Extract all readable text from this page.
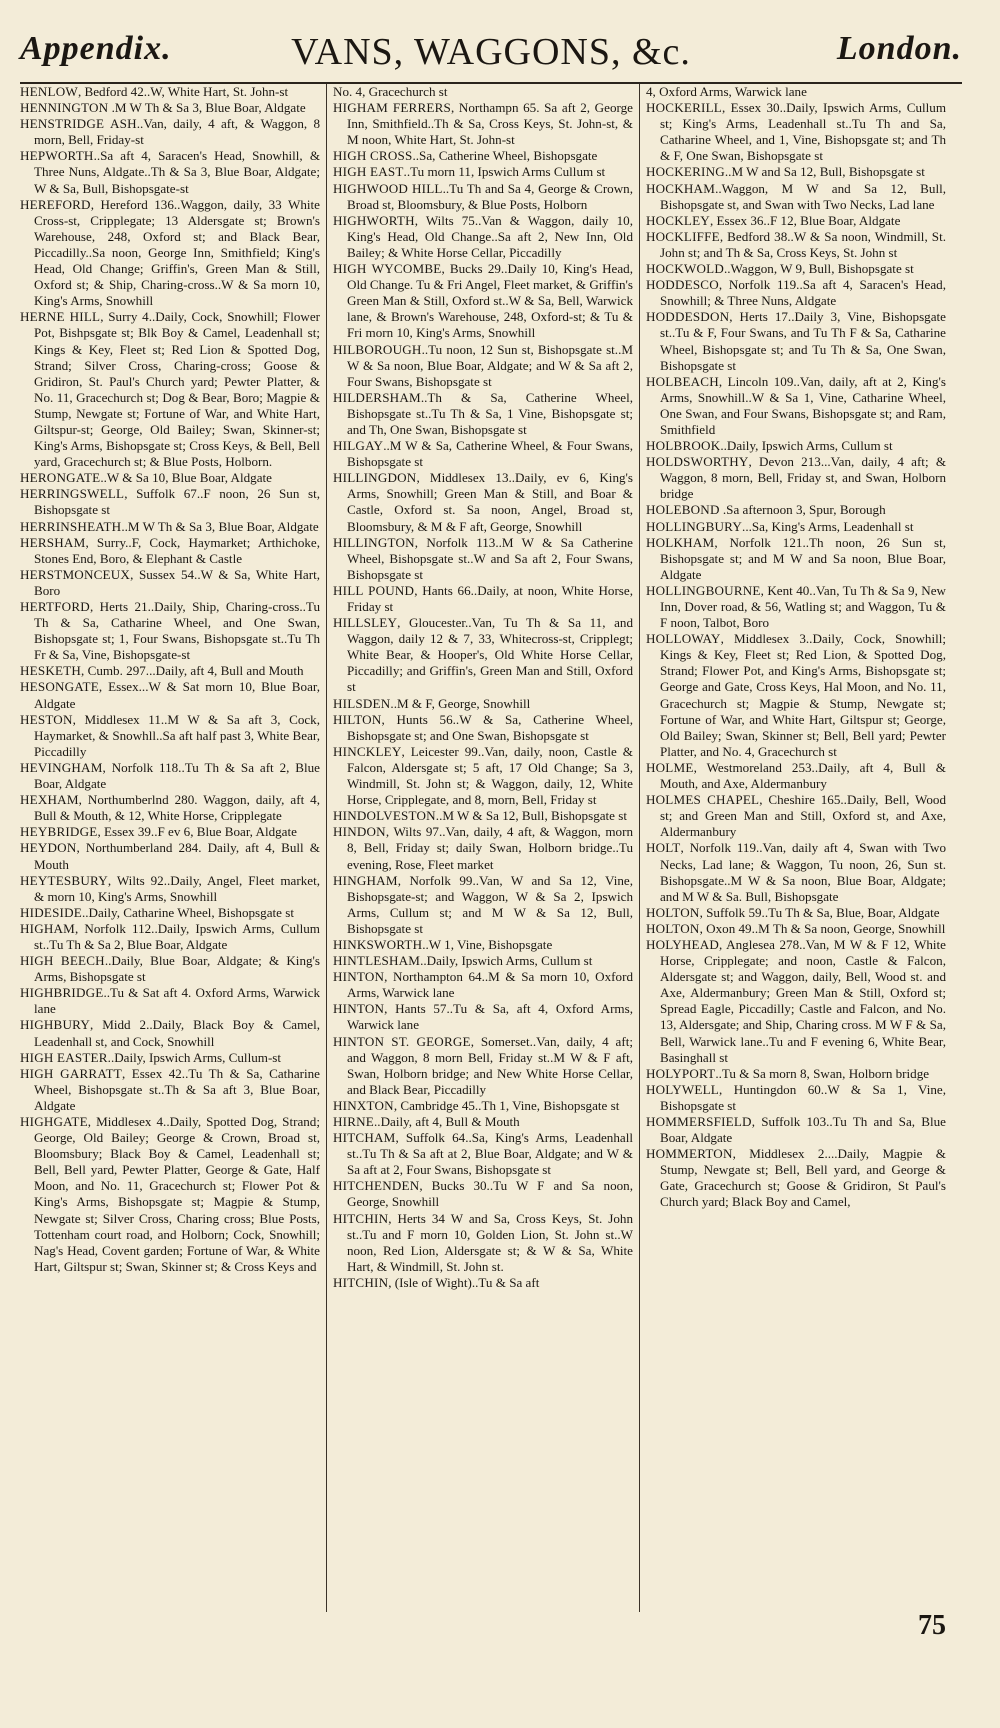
Appendix.	VANS, WAGGONS, &c.	London.

HENLOW, Bedford 42..W, White Hart, St. John-st

HENNINGTON .M W Th & Sa 3, Blue Boar, Aldgate

HENSTRIDGE ASH..Van, daily, 4 aft, & Waggon, 8 morn, Bell, Friday-st

HEPWORTH..Sa aft 4, Saracen's Head, Snowhill, & Three Nuns, Aldgate..Th & Sa 3, Blue Boar, Aldgate; W & Sa, Bull, Bishopsgate-st

HEREFORD, Hereford 136..Waggon, daily, 33 White Cross-st, Cripplegate; 13 Aldersgate st; Brown's Warehouse, 248, Oxford st; and Black Bear, Piccadilly..Sa noon, George Inn, Smithfield; King's Head, Old Change; Griffin's, Green Man & Still, Oxford st; & Ship, Charing-cross..W & Sa morn 10, King's Arms, Snowhill

HERNE HILL, Surry 4..Daily, Cock, Snowhill; Flower Pot, Bishpsgate st; Blk Boy & Camel, Leadenhall st; Kings & Key, Fleet st; Red Lion & Spotted Dog, Strand; Silver Cross, Charing-cross; Goose & Gridiron, St. Paul's Church yard; Pewter Platter, & No. 11, Gracechurch st; Dog & Bear, Boro; Magpie & Stump, Newgate st; Fortune of War, and White Hart, Giltspur-st; George, Old Bailey; Swan, Skinner-st; King's Arms, Bishopsgate st; Cross Keys, & Bell, Bell yard, Gracechurch st; & Blue Posts, Holborn.

HERONGATE..W & Sa 10, Blue Boar, Aldgate

HERRINGSWELL, Suffolk 67..F noon, 26 Sun st, Bishopsgate st

HERRINSHEATH..M W Th & Sa 3, Blue Boar, Aldgate

HERSHAM, Surry..F, Cock, Haymarket; Arthichoke, Stones End, Boro, & Elephant & Castle

HERSTMONCEUX, Sussex 54..W & Sa, White Hart, Boro

HERTFORD, Herts 21..Daily, Ship, Charing-cross..Tu Th & Sa, Catharine Wheel, and One Swan, Bishopsgate st; 1, Four Swans, Bishopsgate st..Tu Th Fr & Sa, Vine, Bishopsgate-st

HESKETH, Cumb. 297...Daily, aft 4, Bull and Mouth

HESONGATE, Essex...W & Sat morn 10, Blue Boar, Aldgate

HESTON, Middlesex 11..M W & Sa aft 3, Cock, Haymarket, & Snowhll..Sa aft half past 3, White Bear, Piccadilly

HEVINGHAM, Norfolk 118..Tu Th & Sa aft 2, Blue Boar, Aldgate

HEXHAM, Northumberlnd 280. Waggon, daily, aft 4, Bull & Mouth, & 12, White Horse, Cripplegate

HEYBRIDGE, Essex 39..F ev 6, Blue Boar, Aldgate

HEYDON, Northumberland 284. Daily, aft 4, Bull & Mouth

HEYTESBURY, Wilts 92..Daily, Angel, Fleet market, & morn 10, King's Arms, Snowhill

HIDESIDE..Daily, Catharine Wheel, Bishopsgate st

HIGHAM, Norfolk 112..Daily, Ipswich Arms, Cullum st..Tu Th & Sa 2, Blue Boar, Aldgate

HIGH BEECH..Daily, Blue Boar, Aldgate; & King's Arms, Bishopsgate st

HIGHBRIDGE..Tu & Sat aft 4. Oxford Arms, Warwick lane

HIGHBURY, Midd 2..Daily, Black Boy & Camel, Leadenhall st, and Cock, Snowhill

HIGH EASTER..Daily, Ipswich Arms, Cullum-st

HIGH GARRATT, Essex 42..Tu Th & Sa, Catharine Wheel, Bishopsgate st..Th & Sa aft 3, Blue Boar, Aldgate

HIGHGATE, Middlesex 4..Daily, Spotted Dog, Strand; George, Old Bailey; George & Crown, Broad st, Bloomsbury; Black Boy & Camel, Leadenhall st; Bell, Bell yard, Pewter Platter, George & Gate, Half Moon, and No. 11, Gracechurch st; Flower Pot & King's Arms, Bishopsgate st; Magpie & Stump, Newgate st; Silver Cross, Charing cross; Blue Posts, Tottenham court road, and Holborn; Cock, Snowhill; Nag's Head, Covent garden; Fortune of War, & White Hart, Giltspur st; Swan, Skinner st; & Cross Keys and

No. 4, Gracechurch st

HIGHAM FERRERS, Northampn 65. Sa aft 2, George Inn, Smithfield..Th & Sa, Cross Keys, St. John-st, & M noon, White Hart, St. John-st

HIGH CROSS..Sa, Catherine Wheel, Bishopsgate

HIGH EAST..Tu morn 11, Ipswich Arms Cullum st

HIGHWOOD HILL..Tu Th and Sa 4, George & Crown, Broad st, Bloomsbury, & Blue Posts, Holborn

HIGHWORTH, Wilts 75..Van & Waggon, daily 10, King's Head, Old Change..Sa aft 2, New Inn, Old Bailey; & White Horse Cellar, Piccadilly

HIGH WYCOMBE, Bucks 29..Daily 10, King's Head, Old Change. Tu & Fri Angel, Fleet market, & Griffin's Green Man & Still, Oxford st..W & Sa, Bell, Warwick lane, & Brown's Warehouse, 248, Oxford-st; & Tu & Fri morn 10, King's Arms, Snowhill

HILBOROUGH..Tu noon, 12 Sun st, Bishopsgate st..M W & Sa noon, Blue Boar, Aldgate; and W & Sa aft 2, Four Swans, Bishopsgate st

HILDERSHAM..Th & Sa, Catherine Wheel, Bishopsgate st..Tu Th & Sa, 1 Vine, Bishopsgate st; and Th, One Swan, Bishopsgate st

HILGAY..M W & Sa, Catherine Wheel, & Four Swans, Bishopsgate st

HILLINGDON, Middlesex 13..Daily, ev 6, King's Arms, Snowhill; Green Man & Still, and Boar & Castle, Oxford st. Sa noon, Angel, Broad st, Bloomsbury, & M & F aft, George, Snowhill

HILLINGTON, Norfolk 113..M W & Sa Catherine Wheel, Bishopsgate st..W and Sa aft 2, Four Swans, Bishopsgate st

HILL POUND, Hants 66..Daily, at noon, White Horse, Friday st

HILLSLEY, Gloucester..Van, Tu Th & Sa 11, and Waggon, daily 12 & 7, 33, Whitecross-st, Cripplegt; White Bear, & Hooper's, Old White Horse Cellar, Piccadilly; and Griffin's, Green Man and Still, Oxford st

HILSDEN..M & F, George, Snowhill

HILTON, Hunts 56..W & Sa, Catherine Wheel, Bishopsgate st; and One Swan, Bishopsgate st

HINCKLEY, Leicester 99..Van, daily, noon, Castle & Falcon, Aldersgate st; 5 aft, 17 Old Change; Sa 3, Windmill, St. John st; & Waggon, daily, 12, White Horse, Cripplegate, and 8, morn, Bell, Friday st

HINDOLVESTON..M W & Sa 12, Bull, Bishopsgate st

HINDON, Wilts 97..Van, daily, 4 aft, & Waggon, morn 8, Bell, Friday st; daily Swan, Holborn bridge..Tu evening, Rose, Fleet market

HINGHAM, Norfolk 99..Van, W and Sa 12, Vine, Bishopsgate-st; and Waggon, W & Sa 2, Ipswich Arms, Cullum st; and M W & Sa 12, Bull, Bishopsgate st

HINKSWORTH..W 1, Vine, Bishopsgate

HINTLESHAM..Daily, Ipswich Arms, Cullum st

HINTON, Northampton 64..M & Sa morn 10, Oxford Arms, Warwick lane

HINTON, Hants 57..Tu & Sa, aft 4, Oxford Arms, Warwick lane

HINTON ST. GEORGE, Somerset..Van, daily, 4 aft; and Waggon, 8 morn Bell, Friday st..M W & F aft, Swan, Holborn bridge; and New White Horse Cellar, and Black Bear, Piccadilly

HINXTON, Cambridge 45..Th 1, Vine, Bishopsgate st

HIRNE..Daily, aft 4, Bull & Mouth

HITCHAM, Suffolk 64..Sa, King's Arms, Leadenhall st..Tu Th & Sa aft at 2, Blue Boar, Aldgate; and W & Sa aft at 2, Four Swans, Bishopsgate st

HITCHENDEN, Bucks 30..Tu W F and Sa noon, George, Snowhill

HITCHIN, Herts 34 W and Sa, Cross Keys, St. John st..Tu and F morn 10, Golden Lion, St. John st..W noon, Red Lion, Aldersgate st; & W & Sa, White Hart, & Windmill, St. John st.

HITCHIN, (Isle of Wight)..Tu & Sa aft

4, Oxford Arms, Warwick lane

HOCKERILL, Essex 30..Daily, Ipswich Arms, Cullum st; King's Arms, Leadenhall st..Tu Th and Sa, Catharine Wheel, and 1, Vine, Bishopsgate st; and Th & F, One Swan, Bishopsgate st

HOCKERING..M W and Sa 12, Bull, Bishopsgate st

HOCKHAM..Waggon, M W and Sa 12, Bull, Bishopsgate st, and Swan with Two Necks, Lad lane

HOCKLEY, Essex 36..F 12, Blue Boar, Aldgate

HOCKLIFFE, Bedford 38..W & Sa noon, Windmill, St. John st; and Th & Sa, Cross Keys, St. John st

HOCKWOLD..Waggon, W 9, Bull, Bishopsgate st

HODDESCO, Norfolk 119..Sa aft 4, Saracen's Head, Snowhill; & Three Nuns, Aldgate

HODDESDON, Herts 17..Daily 3, Vine, Bishopsgate st..Tu & F, Four Swans, and Tu Th F & Sa, Catharine Wheel, Bishopsgate st; and Tu Th & Sa, One Swan, Bishopsgate st

HOLBEACH, Lincoln 109..Van, daily, aft at 2, King's Arms, Snowhill..W & Sa 1, Vine, Catharine Wheel, One Swan, and Four Swans, Bishopsgate st; and Ram, Smithfield

HOLBROOK..Daily, Ipswich Arms, Cullum st

HOLDSWORTHY, Devon 213...Van, daily, 4 aft; & Waggon, 8 morn, Bell, Friday st, and Swan, Holborn bridge

HOLEBOND .Sa afternoon 3, Spur, Borough

HOLLINGBURY...Sa, King's Arms, Leadenhall st

HOLKHAM, Norfolk 121..Th noon, 26 Sun st, Bishopsgate st; and M W and Sa noon, Blue Boar, Aldgate

HOLLINGBOURNE, Kent 40..Van, Tu Th & Sa 9, New Inn, Dover road, & 56, Watling st; and Waggon, Tu & F noon, Talbot, Boro

HOLLOWAY, Middlesex 3..Daily, Cock, Snowhill; Kings & Key, Fleet st; Red Lion, & Spotted Dog, Strand; Flower Pot, and King's Arms, Bishopsgate st; George and Gate, Cross Keys, Hal Moon, and No. 11, Gracechurch st; Magpie & Stump, Newgate st; Fortune of War, and White Hart, Giltspur st; George, Old Bailey; Swan, Skinner st; Bell, Bell yard; Pewter Platter, and No. 4, Gracechurch st

HOLME, Westmoreland 253..Daily, aft 4, Bull & Mouth, and Axe, Aldermanbury

HOLMES CHAPEL, Cheshire 165..Daily, Bell, Wood st; and Green Man and Still, Oxford st, and Axe, Aldermanbury

HOLT, Norfolk 119..Van, daily aft 4, Swan with Two Necks, Lad lane; & Waggon, Tu noon, 26, Sun st. Bishopsgate..M W & Sa noon, Blue Boar, Aldgate; and M W & Sa. Bull, Bishopsgate

HOLTON, Suffolk 59..Tu Th & Sa, Blue, Boar, Aldgate

HOLTON, Oxon 49..M Th & Sa noon, George, Snowhill

HOLYHEAD, Anglesea 278..Van, M W & F 12, White Horse, Cripplegate; and noon, Castle & Falcon, Aldersgate st; and Waggon, daily, Bell, Wood st. and Axe, Aldermanbury; Green Man & Still, Oxford st; Spread Eagle, Piccadilly; Castle and Falcon, and No. 13, Aldersgate; and Ship, Charing cross. M W F & Sa, Bell, Warwick lane..Tu and F evening 6, White Bear, Basinghall st

HOLYPORT..Tu & Sa morn 8, Swan, Holborn bridge

HOLYWELL, Huntingdon 60..W & Sa 1, Vine, Bishopsgate st

HOMMERSFIELD, Suffolk 103..Tu Th and Sa, Blue Boar, Aldgate

HOMMERTON, Middlesex 2....Daily, Magpie & Stump, Newgate st; Bell, Bell yard, and George & Gate, Gracechurch st; Goose & Gridiron, St Paul's Church yard; Black Boy and Camel,

75
